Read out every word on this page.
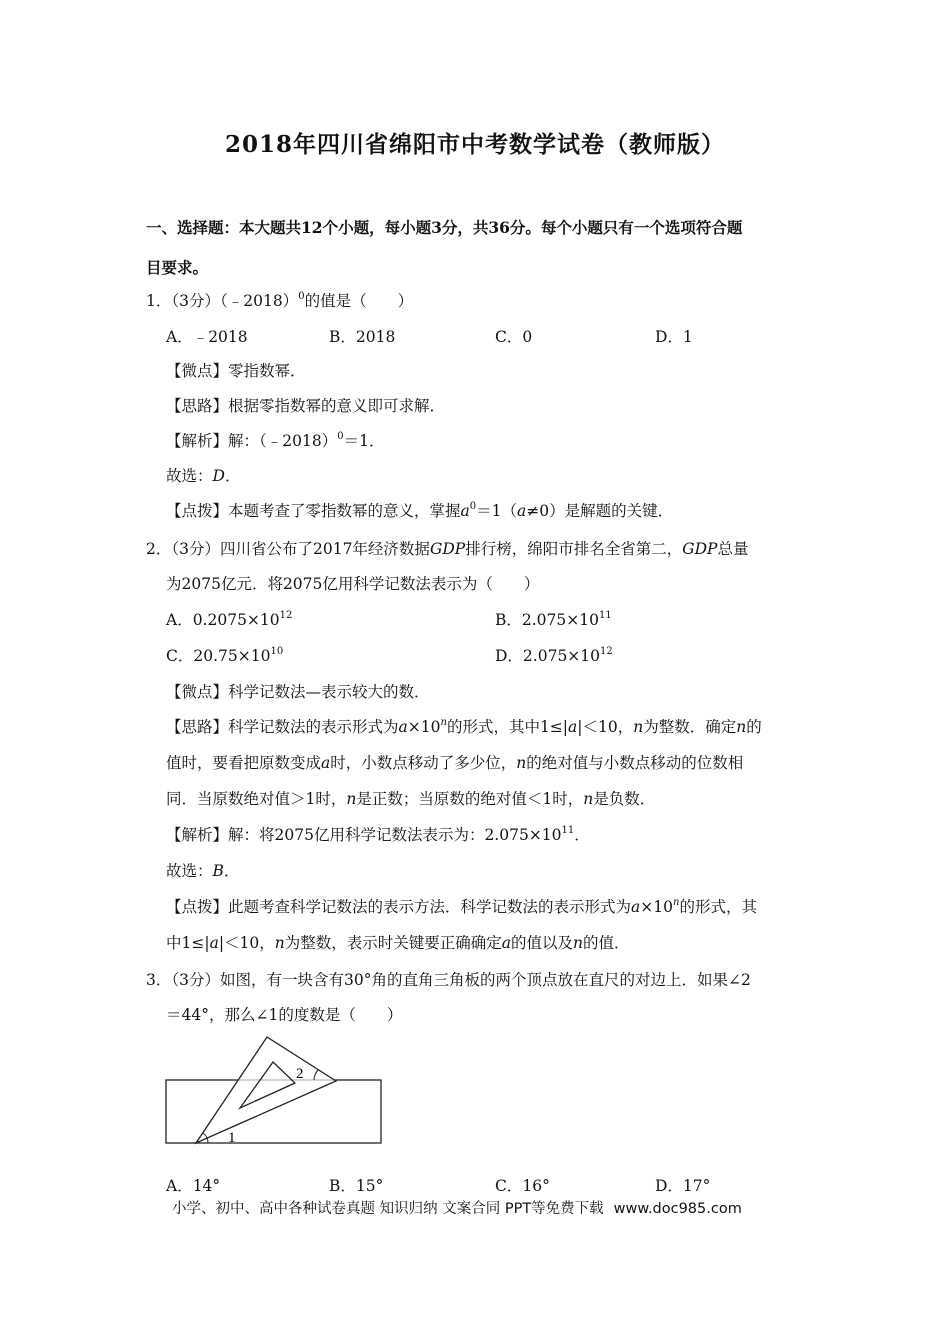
2018年四川省绵阳市中考数学试卷（教师版）
一、选择题：本大题共12个小题，每小题3分，共36分。每个小题只有一个选项符合题
目要求。
1．（3分）（﹣2018）$^0$的值是（　　）
A．﹣2018	B．2018	C．0	D．1
【微点】零指数幂．
【思路】根据零指数幂的意义即可求解．
【解析】解：（﹣2018）$^0$＝1．
故选：D．
【点拨】本题考查了零指数幂的意义，掌握$a^0=1(a\ne 0)$是解题的关键．
2．（3分）四川省公布了2017年经济数据GDP排行榜，绵阳市排名全省第二，GDP总量
为2075亿元．将2075亿用科学记数法表示为（　　）
A．$0.2075\times 10^{12}$	B．$2.075\times 10^{11}$
C．$20.75\times 10^{10}$	D．$2.075\times 10^{12}$
【微点】科学记数法—表示较大的数．
【思路】科学记数法的表示形式为$a\times 10^n$的形式，其中1≤|a|＜10，n为整数．确定n的
值时，要看把原数变成a时，小数点移动了多少位，n的绝对值与小数点移动的位数相
同．当原数绝对值＞1时，n是正数；当原数的绝对值＜1时，n是负数．
【解析】解：将2075亿用科学记数法表示为：$2.075\times 10^{11}$．
故选：B．
【点拨】此题考查科学记数法的表示方法．科学记数法的表示形式为$a\times 10^n$的形式，其
中1≤|a|＜10，n为整数，表示时关键要正确确定a的值以及n的值．
3．（3分）如图，有一块含有30°角的直角三角板的两个顶点放在直尺的对边上．如果∠2
＝44°，那么∠1的度数是（　　）
1
2
A．14°	B．15°	C．16°	D．17°
小学、初中、高中各种试卷真题 知识归纳 文案合同 PPT等免费下载 www.doc985.com
